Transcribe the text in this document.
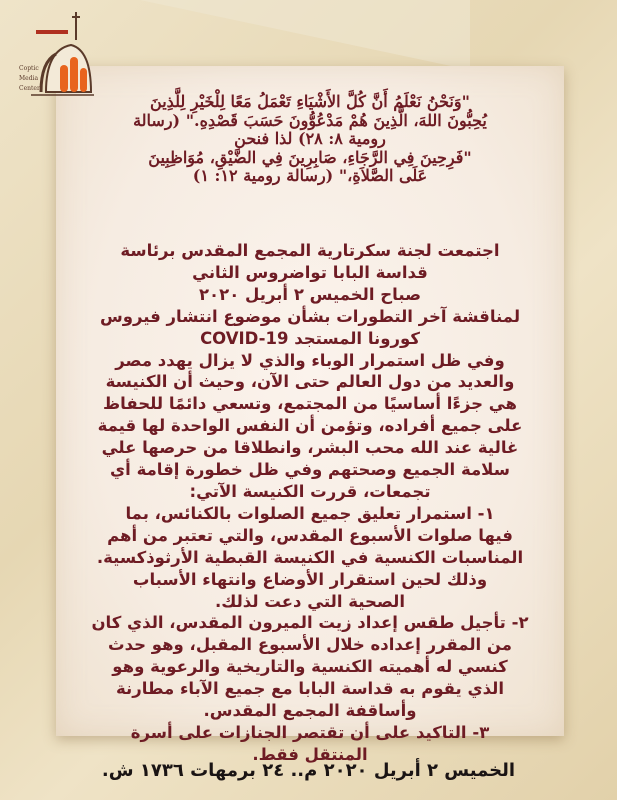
Coptic
Media
Center
"وَنَحْنُ نَعْلَمُ أَنَّ كُلَّ الأَشْيَاءِ تَعْمَلُ مَعًا لِلْخَيْرِ لِلَّذِينَ
يُحِبُّونَ اللهَ، الَّذِينَ هُمْ مَدْعُوُّونَ حَسَبَ قَصْدِهِ." (رسالة
رومية ٨: ٢٨) لذا فنحن
"فَرِحِينَ فِي الرَّجَاءِ، صَابِرِينَ فِي الضَّيْقِ، مُوَاظِبِينَ
عَلَى الصَّلاَةِ،" (رسالة رومية ١٢: ١)
اجتمعت لجنة سكرتارية المجمع المقدس برئاسة
قداسة البابا تواضروس الثاني
صباح الخميس ٢ أبريل ٢٠٢٠
لمناقشة آخر التطورات بشأن موضوع انتشار فيروس
كورونا المستجد COVID-19
وفي ظل استمرار الوباء والذي لا يزال يهدد مصر
والعديد من دول العالم حتى الآن، وحيث أن الكنيسة
هي جزءًا أساسيًا من المجتمع، وتسعي دائمًا للحفاظ
على جميع أفراده، وتؤمن أن النفس الواحدة لها قيمة
غالية عند الله محب البشر، وانطلاقا من حرصها علي
سلامة الجميع وصحتهم وفي ظل خطورة إقامة أي
تجمعات، قررت الكنيسة الآتي:
١- استمرار تعليق جميع الصلوات بالكنائس، بما
فيها صلوات الأسبوع المقدس، والتي تعتبر من أهم
المناسبات الكنسية في الكنيسة القبطية الأرثوذكسية.
وذلك لحين استقرار الأوضاع وانتهاء الأسباب
الصحية التي دعت لذلك.
٢- تأجيل طقس إعداد زيت الميرون المقدس، الذي كان
من المقرر إعداده خلال الأسبوع المقبل، وهو حدث
كنسي له أهميته الكنسية والتاريخية والرعوية وهو
الذي يقوم به قداسة البابا مع جميع الآباء مطارنة
وأساقفة المجمع المقدس.
٣- التاكيد على أن تقتصر الجنازات على أسرة
المنتقل فقط.
الخميس ٢ أبريل ٢٠٢٠ م.. ٢٤ برمهات ١٧٣٦ ش.
